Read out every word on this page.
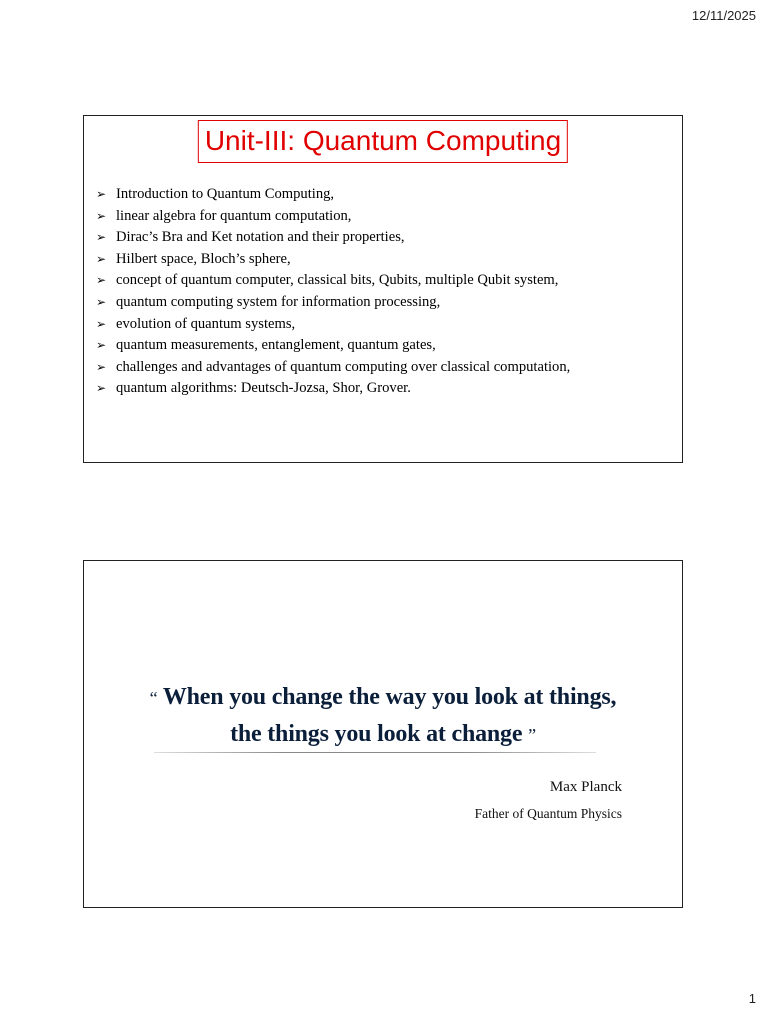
12/11/2025
Unit-III: Quantum Computing
➢ Introduction to Quantum Computing,
➢ linear algebra for quantum computation,
➢ Dirac’s Bra and Ket notation and their properties,
➢ Hilbert space, Bloch’s sphere,
➢ concept of quantum computer, classical bits, Qubits, multiple Qubit system,
➢ quantum computing system for information processing,
➢ evolution of quantum systems,
➢ quantum measurements, entanglement, quantum gates,
➢ challenges and advantages of quantum computing over classical computation,
➢ quantum algorithms: Deutsch-Jozsa, Shor, Grover.
“ When you change the way you look at things,
the things you look at change ”
Max Planck
Father of Quantum Physics
1
